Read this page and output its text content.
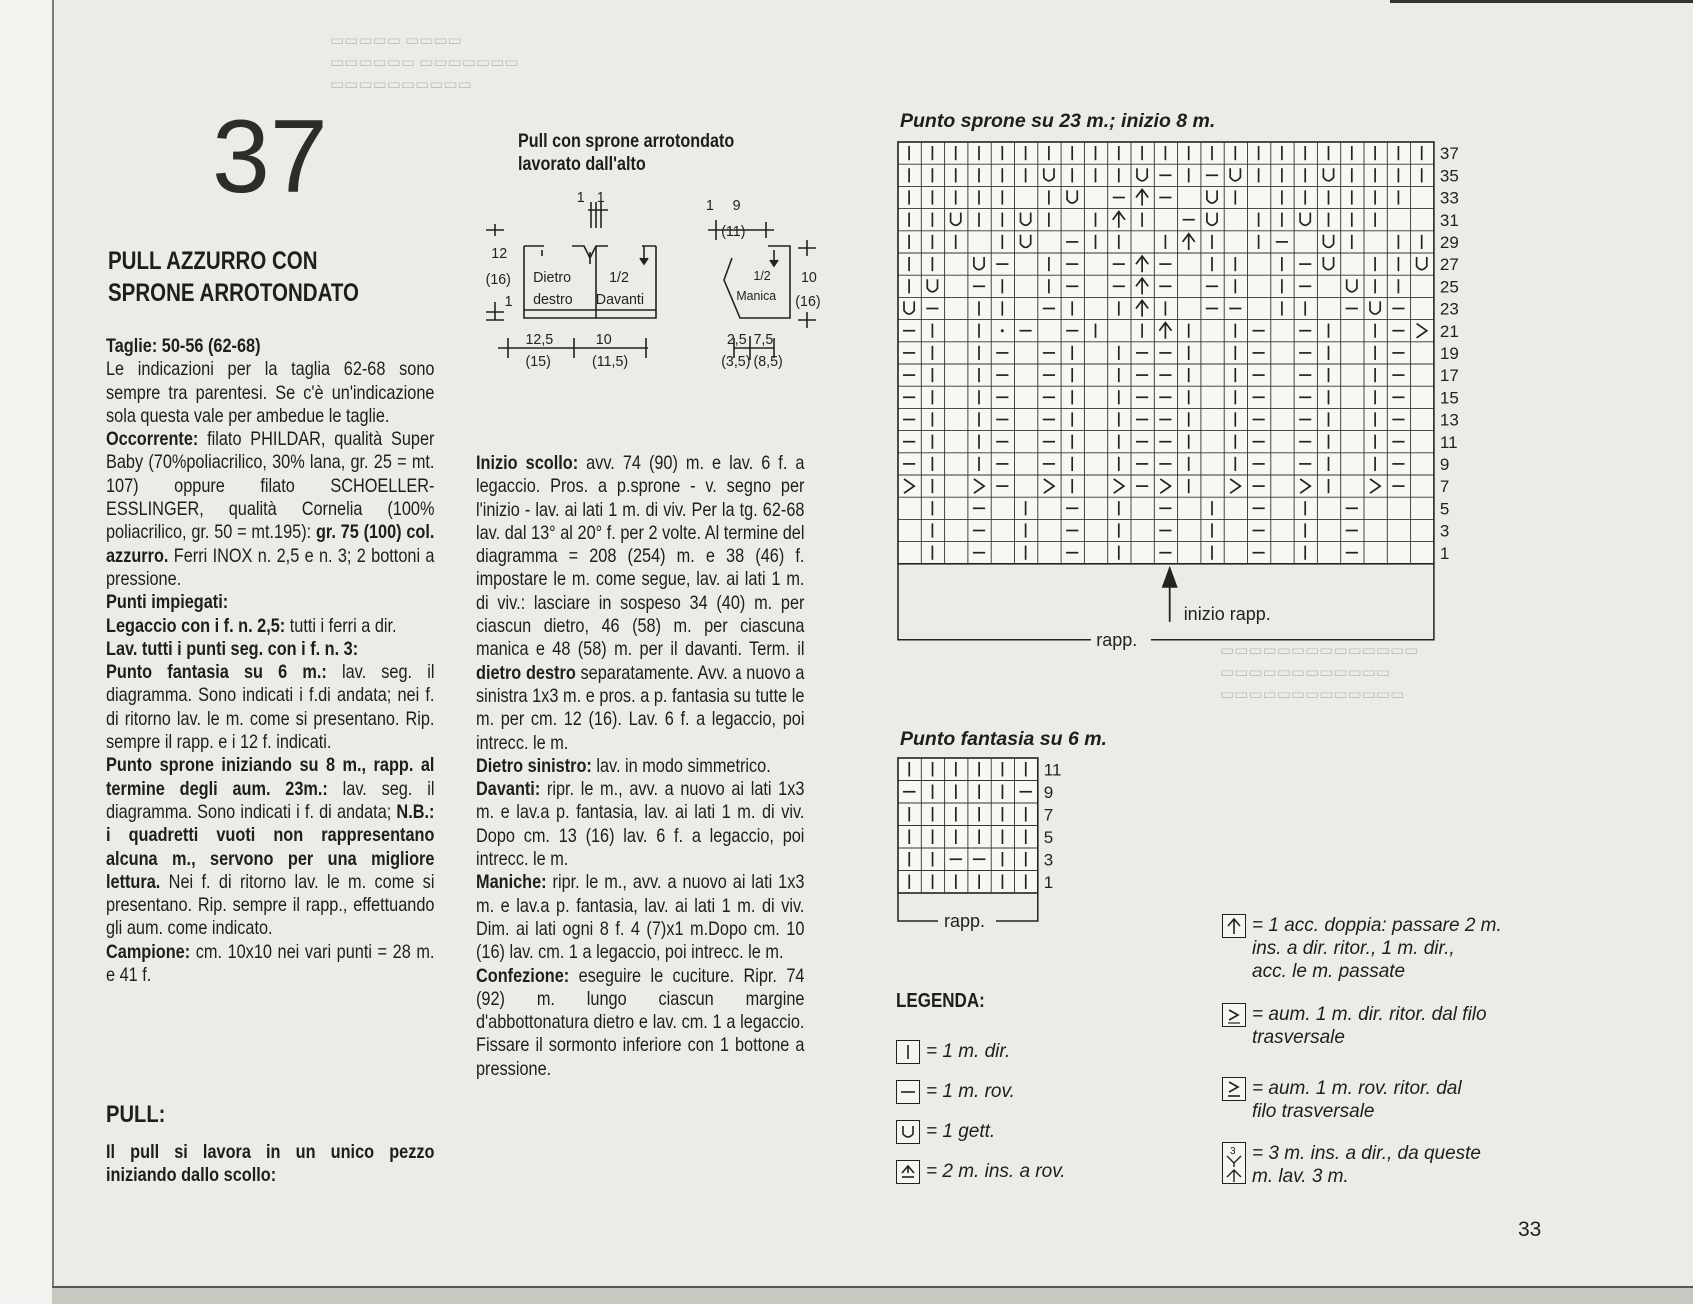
▭▭▭▭▭ ▭▭▭▭
▭▭▭▭▭▭ ▭▭▭▭▭▭▭
▭▭▭▭▭▭▭▭▭▭
▭▭▭▭▭▭▭▭▭▭▭▭▭▭
▭▭▭▭▭▭▭▭▭▭▭▭
▭▭▭▭▭▭▭▭▭▭▭▭▭
37
PULL AZZURRO CON
SPRONE ARROTONDATO

Taglie: 50-56 (62-68)

Le indicazioni per la taglia 62-68 sono sempre tra parentesi. Se c'è un'indicazione sola questa vale per ambedue le taglie.

Occorrente: filato PHILDAR, qualità Super Baby (70%poliacrilico, 30% lana, gr. 25 = mt. 107) oppure filato SCHOELLER-ESSLINGER, qualità Cornelia (100% poliacrilico, gr. 50 = mt.195): gr. 75 (100) col. azzurro. Ferri INOX n. 2,5 e n. 3; 2 bottoni a pressione.

Punti impiegati:

Legaccio con i f. n. 2,5: tutti i ferri a dir.

Lav. tutti i punti seg. con i f. n. 3:

Punto fantasia su 6 m.: lav. seg. il diagramma. Sono indicati i f.di andata; nei f. di ritorno lav. le m. come si presentano. Rip. sempre il rapp. e i 12 f. indicati.

Punto sprone iniziando su 8 m., rapp. al termine degli aum. 23m.: lav. seg. il diagramma. Sono indicati i f. di andata; N.B.: i quadretti vuoti non rappresentano alcuna m., servono per una migliore lettura. Nei f. di ritorno lav. le m. come si presentano. Rip. sempre il rapp., effettuando gli aum. come indicato.

Campione: cm. 10x10 nei vari punti = 28 m. e 41 f.

PULL:
Il pull si lavora in un unico pezzo iniziando dallo scollo:
Pull con sprone arrotondato
lavorato dall'alto
1 1
12
(16)
1
Dietro
destro
1/2
Davanti
12,5
(15)
10
(11,5)
1 9
(11)
1/2
Manica
10
(16)
2,5 7,5
(3,5) (8,5)

Inizio scollo: avv. 74 (90) m. e lav. 6 f. a legaccio. Pros. a p.sprone - v. segno per l'inizio - lav. ai lati 1 m. di viv. Per la tg. 62-68 lav. dal 13° al 20° f. per 2 volte. Al termine del diagramma = 208 (254) m. e 38 (46) f. impostare le m. come segue, lav. ai lati 1 m. di viv.: lasciare in sospeso 34 (40) m. per ciascun dietro, 46 (58) m. per ciascuna manica e 48 (58) m. per il davanti. Term. il dietro destro separatamente. Avv. a nuovo a sinistra 1x3 m. e pros. a p. fantasia su tutte le m. per cm. 12 (16). Lav. 6 f. a legaccio, poi intrecc. le m.

Dietro sinistro: lav. in modo simmetrico.

Davanti: ripr. le m., avv. a nuovo ai lati 1x3 m. e lav.a p. fantasia, lav. ai lati 1 m. di viv. Dopo cm. 13 (16) lav. 6 f. a legaccio, poi intrecc. le m.

Maniche: ripr. le m., avv. a nuovo ai lati 1x3 m. e lav.a p. fantasia, lav. ai lati 1 m. di viv. Dim. ai lati ogni 8 f. 4 (7)x1 m.Dopo cm. 10 (16) lav. cm. 1 a legaccio, poi intrecc. le m.

Confezione: eseguire le cuciture. Ripr. 74 (92) m. lungo ciascun margine d'abbottonatura dietro e lav. cm. 1 a legaccio. Fissare il sormonto inferiore con 1 bottone a pressione.

Punto sprone su 23 m.; inizio 8 m.
37
35
33
31
29
27
25
23
21
19
17
15
13
11
9
7
5
3
1
inizio rapp.
rapp.
Punto fantasia su 6 m.
11
9
7
5
3
1
rapp.
LEGENDA:
= 1 m. dir.
= 1 m. rov.
= 1 gett.
= 2 m. ins. a rov.
= 1 acc. doppia: passare 2 m.
ins. a dir. ritor., 1 m. dir.,
acc. le m. passate
= aum. 1 m. dir. ritor. dal filo
trasversale
= aum. 1 m. rov. ritor. dal
filo trasversale
3 = 3 m. ins. a dir., da queste
m. lav. 3 m.
33
